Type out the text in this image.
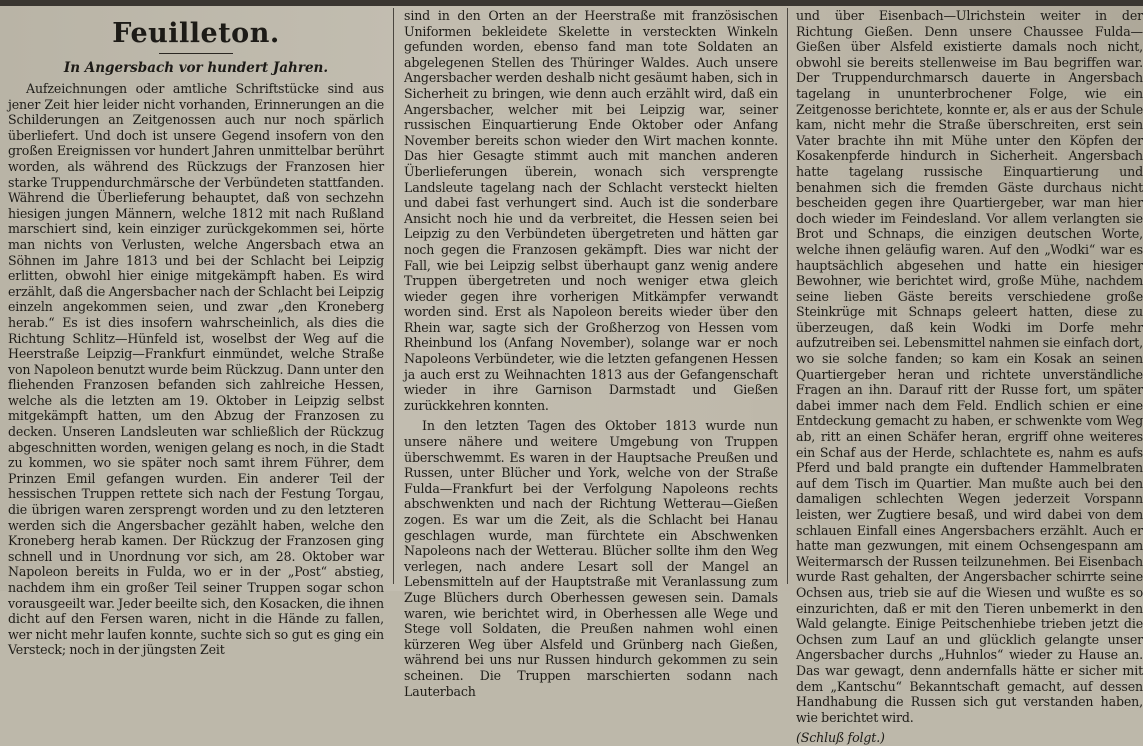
Feuilleton.
In Angersbach vor hundert Jahren.

Aufzeichnungen oder amtliche Schriftstücke sind aus jener Zeit hier leider nicht vorhanden, Erinnerungen an die Schilderungen an Zeitgenossen auch nur noch spärlich überliefert. Und doch ist unsere Gegend insofern von den großen Ereignissen vor hundert Jahren unmittelbar berührt worden, als während des Rückzugs der Franzosen hier starke Truppendurchmärsche der Verbündeten stattfanden. Während die Überlieferung behauptet, daß von sechzehn hiesigen jungen Männern, welche 1812 mit nach Rußland marschiert sind, kein einziger zurückgekommen sei, hörte man nichts von Verlusten, welche Angersbach etwa an Söhnen im Jahre 1813 und bei der Schlacht bei Leipzig erlitten, obwohl hier einige mitgekämpft haben. Es wird erzählt, daß die Angersbacher nach der Schlacht bei Leipzig einzeln angekommen seien, und zwar „den Kroneberg herab.“ Es ist dies insofern wahrscheinlich, als dies die Richtung Schlitz—Hünfeld ist, woselbst der Weg auf die Heerstraße Leipzig—Frankfurt einmündet, welche Straße von Napoleon benutzt wurde beim Rückzug. Dann unter den fliehenden Franzosen befanden sich zahlreiche Hessen, welche als die letzten am 19. Oktober in Leipzig selbst mitgekämpft hatten, um den Abzug der Franzosen zu decken. Unseren Landsleuten war schließlich der Rückzug abgeschnitten worden, wenigen gelang es noch, in die Stadt zu kommen, wo sie später noch samt ihrem Führer, dem Prinzen Emil gefangen wurden. Ein anderer Teil der hessischen Truppen rettete sich nach der Festung Torgau, die übrigen waren zersprengt worden und zu den letzteren werden sich die Angersbacher gezählt haben, welche den Kroneberg herab kamen. Der Rückzug der Franzosen ging schnell und in Unordnung vor sich, am 28. Oktober war Napoleon bereits in Fulda, wo er in der „Post“ abstieg, nachdem ihm ein großer Teil seiner Truppen sogar schon vorausgeeilt war. Jeder beeilte sich, den Kosacken, die ihnen dicht auf den Fersen waren, nicht in die Hände zu fallen, wer nicht mehr laufen konnte, suchte sich so gut es ging ein Versteck; noch in der jüngsten Zeit

sind in den Orten an der Heerstraße mit französischen Uniformen bekleidete Skelette in versteckten Winkeln gefunden worden, ebenso fand man tote Soldaten an abgelegenen Stellen des Thüringer Waldes. Auch unsere Angersbacher werden deshalb nicht gesäumt haben, sich in Sicherheit zu bringen, wie denn auch erzählt wird, daß ein Angersbacher, welcher mit bei Leipzig war, seiner russischen Einquartierung Ende Oktober oder Anfang November bereits schon wieder den Wirt machen konnte. Das hier Gesagte stimmt auch mit manchen anderen Überlieferungen überein, wonach sich versprengte Landsleute tagelang nach der Schlacht versteckt hielten und dabei fast verhungert sind. Auch ist die sonderbare Ansicht noch hie und da verbreitet, die Hessen seien bei Leipzig zu den Verbündeten übergetreten und hätten gar noch gegen die Franzosen gekämpft. Dies war nicht der Fall, wie bei Leipzig selbst überhaupt ganz wenig andere Truppen übergetreten und noch weniger etwa gleich wieder gegen ihre vorherigen Mitkämpfer verwandt worden sind. Erst als Napoleon bereits wieder über den Rhein war, sagte sich der Großherzog von Hessen vom Rheinbund los (Anfang November), solange war er noch Napoleons Verbündeter, wie die letzten gefangenen Hessen ja auch erst zu Weihnachten 1813 aus der Gefangenschaft wieder in ihre Garnison Darmstadt und Gießen zurückkehren konnten.

In den letzten Tagen des Oktober 1813 wurde nun unsere nähere und weitere Umgebung von Truppen überschwemmt. Es waren in der Hauptsache Preußen und Russen, unter Blücher und York, welche von der Straße Fulda—Frankfurt bei der Verfolgung Napoleons rechts abschwenkten und nach der Richtung Wetterau—Gießen zogen. Es war um die Zeit, als die Schlacht bei Hanau geschlagen wurde, man fürchtete ein Abschwenken Napoleons nach der Wetterau. Blücher sollte ihm den Weg verlegen, nach andere Lesart soll der Mangel an Lebensmitteln auf der Hauptstraße mit Veranlassung zum Zuge Blüchers durch Oberhessen gewesen sein. Damals waren, wie berichtet wird, in Oberhessen alle Wege und Stege voll Soldaten, die Preußen nahmen wohl einen kürzeren Weg über Alsfeld und Grünberg nach Gießen, während bei uns nur Russen hindurch gekommen zu sein scheinen. Die Truppen marschierten sodann nach Lauterbach

und über Eisenbach—Ulrichstein weiter in der Richtung Gießen. Denn unsere Chaussee Fulda—Gießen über Alsfeld existierte damals noch nicht, obwohl sie bereits stellenweise im Bau begriffen war. Der Truppendurchmarsch dauerte in Angersbach tagelang in ununterbrochener Folge, wie ein Zeitgenosse berichtete, konnte er, als er aus der Schule kam, nicht mehr die Straße überschreiten, erst sein Vater brachte ihn mit Mühe unter den Köpfen der Kosakenpferde hindurch in Sicherheit. Angersbach hatte tagelang russische Einquartierung und benahmen sich die fremden Gäste durchaus nicht bescheiden gegen ihre Quartiergeber, war man hier doch wieder im Feindesland. Vor allem verlangten sie Brot und Schnaps, die einzigen deutschen Worte, welche ihnen geläufig waren. Auf den „Wodki“ war es hauptsächlich abgesehen und hatte ein hiesiger Bewohner, wie berichtet wird, große Mühe, nachdem seine lieben Gäste bereits verschiedene große Steinkrüge mit Schnaps geleert hatten, diese zu überzeugen, daß kein Wodki im Dorfe mehr aufzutreiben sei. Lebensmittel nahmen sie einfach dort, wo sie solche fanden; so kam ein Kosak an seinen Quartiergeber heran und richtete unverständliche Fragen an ihn. Darauf ritt der Russe fort, um später dabei immer nach dem Feld. Endlich schien er eine Entdeckung gemacht zu haben, er schwenkte vom Weg ab, ritt an einen Schäfer heran, ergriff ohne weiteres ein Schaf aus der Herde, schlachtete es, nahm es aufs Pferd und bald prangte ein duftender Hammelbraten auf dem Tisch im Quartier. Man mußte auch bei den damaligen schlechten Wegen jederzeit Vorspann leisten, wer Zugtiere besaß, und wird dabei von dem schlauen Einfall eines Angersbachers erzählt. Auch er hatte man gezwungen, mit einem Ochsengespann am Weitermarsch der Russen teilzunehmen. Bei Eisenbach wurde Rast gehalten, der Angersbacher schirrte seine Ochsen aus, trieb sie auf die Wiesen und wußte es so einzurichten, daß er mit den Tieren unbemerkt in den Wald gelangte. Einige Peitschenhiebe trieben jetzt die Ochsen zum Lauf an und glücklich gelangte unser Angersbacher durchs „Huhnlos“ wieder zu Hause an. Das war gewagt, denn andernfalls hätte er sicher mit dem „Kantschu“ Bekanntschaft gemacht, auf dessen Handhabung die Russen sich gut verstanden haben, wie berichtet wird.

(Schluß folgt.)
